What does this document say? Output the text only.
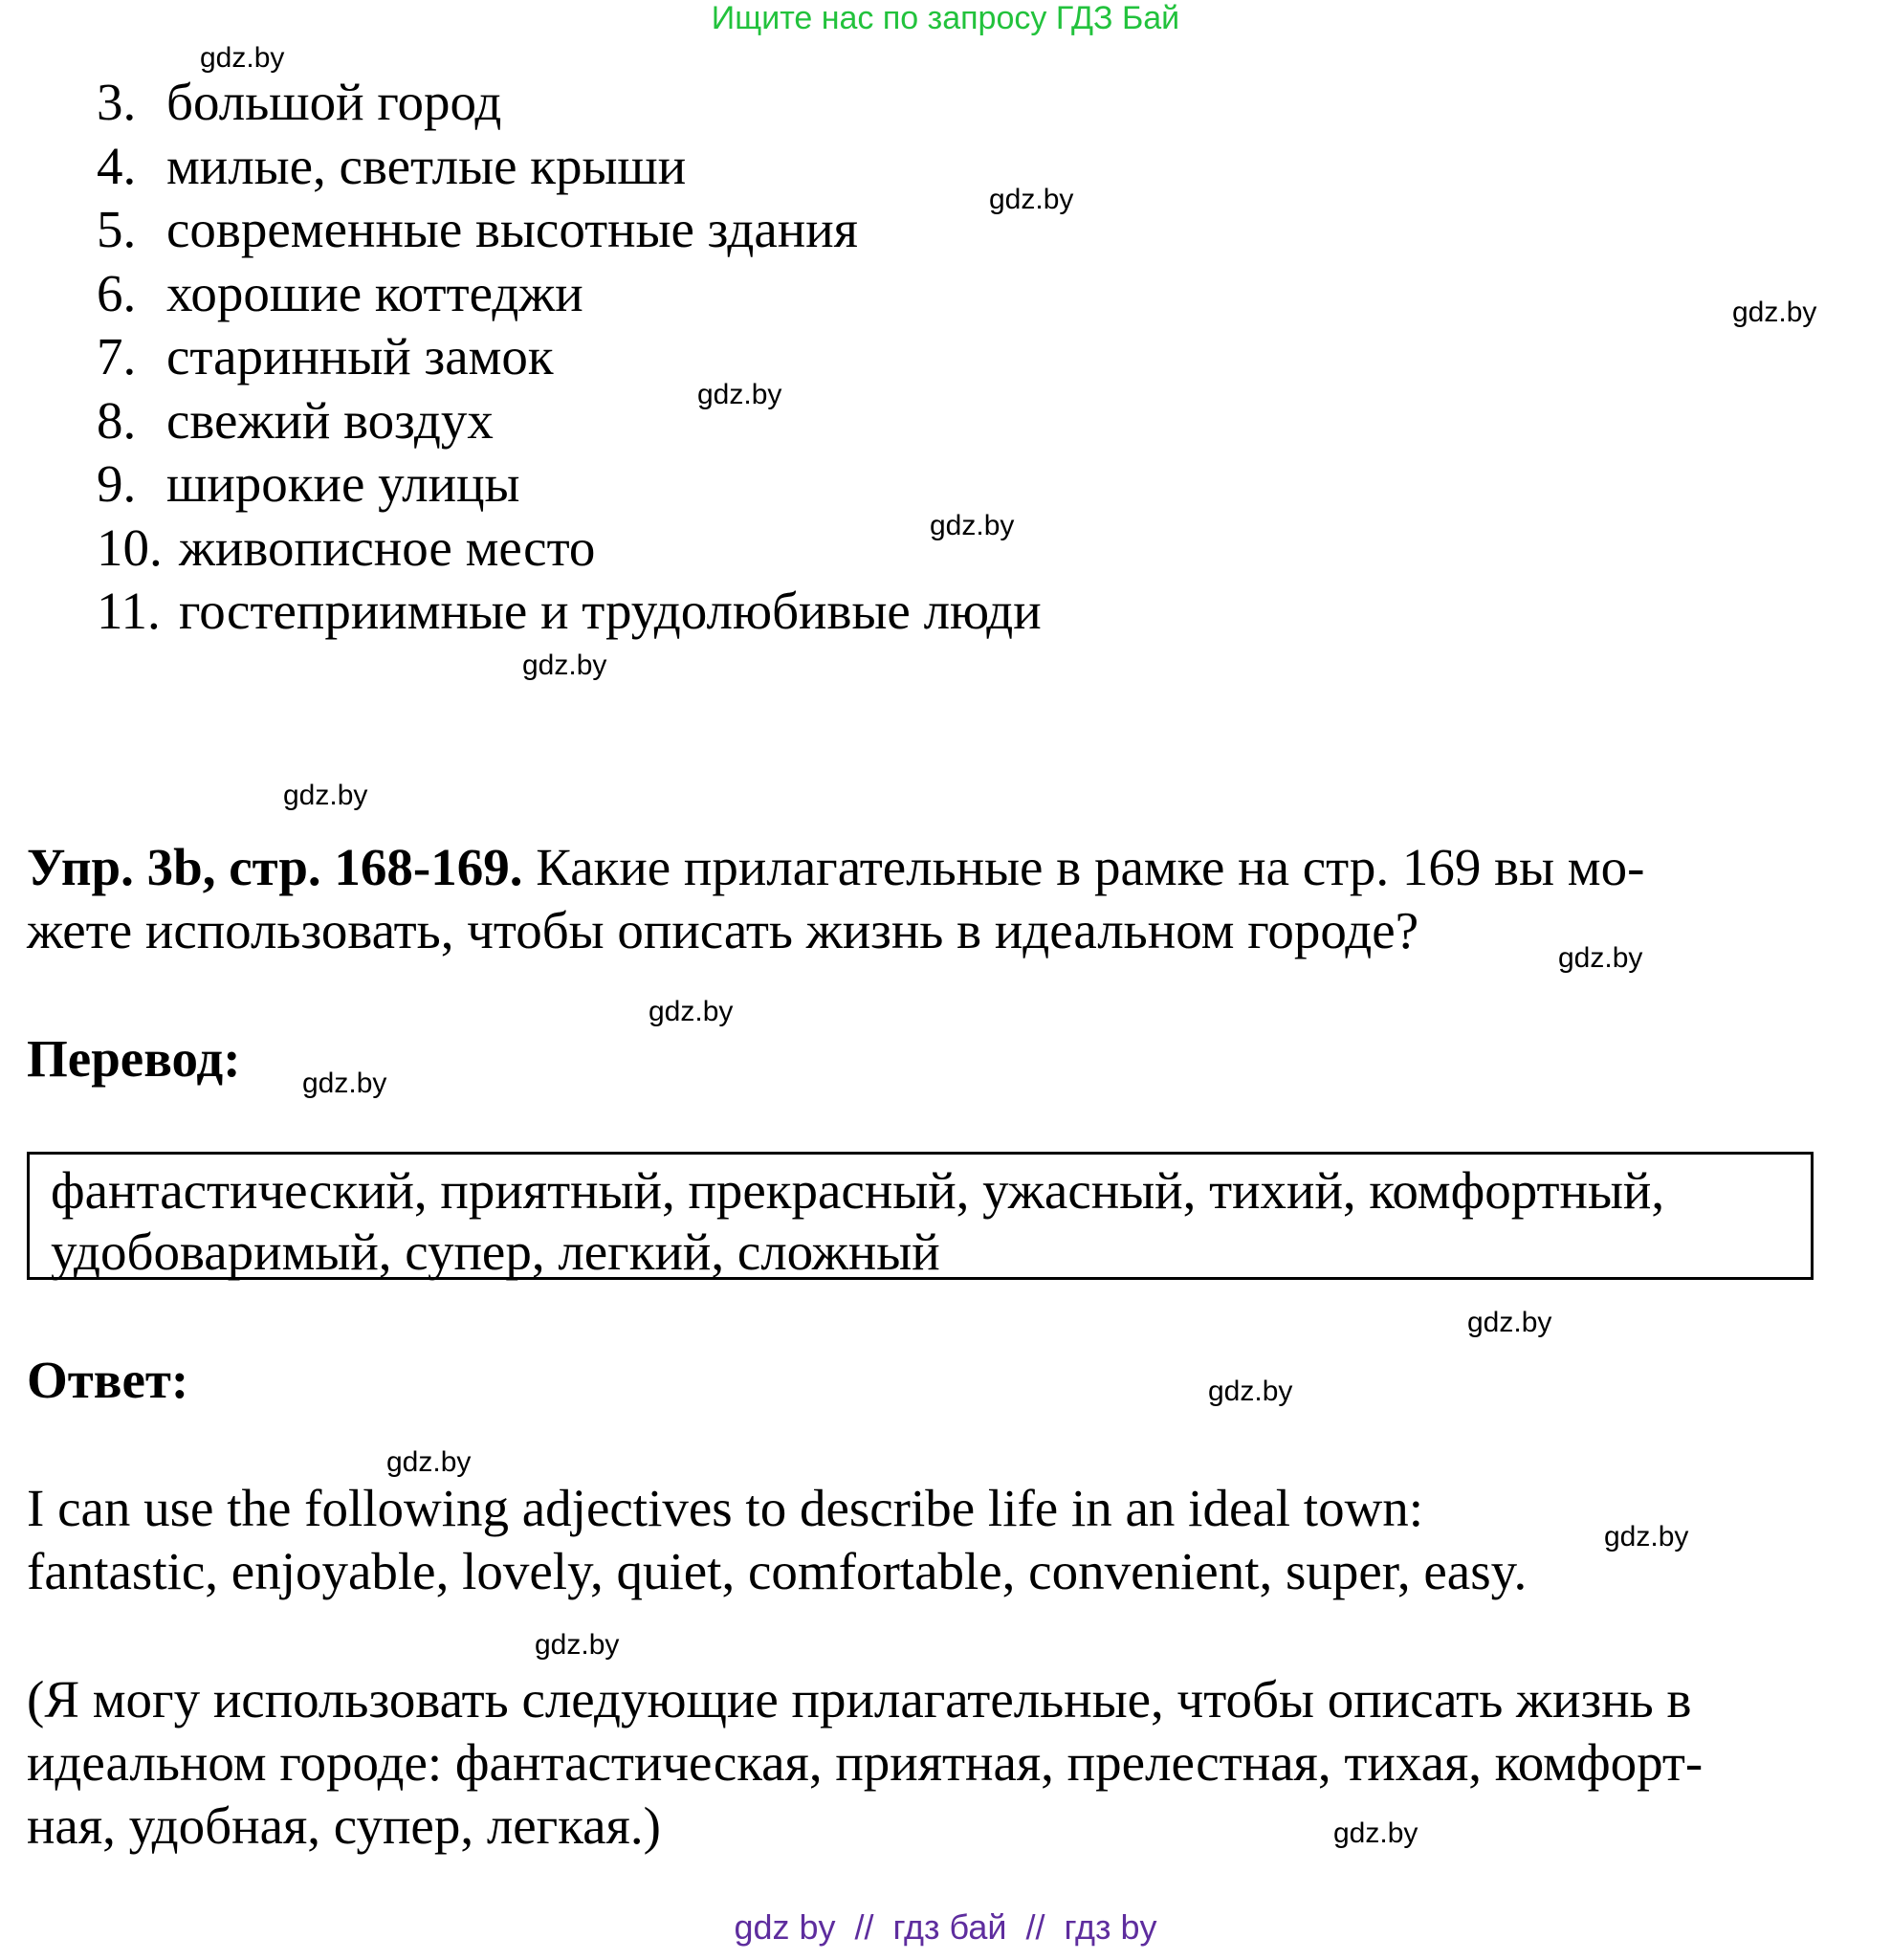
Ищите нас по запросу ГДЗ Бай
gdz.by
gdz.by
gdz.by
gdz.by
gdz.by
gdz.by
gdz.by
gdz.by
gdz.by
gdz.by
gdz.by
gdz.by
gdz.by
gdz.by
gdz.by
gdz.by
3. большой город
4. милые, светлые крыши
5. современные высотные здания
6. хорошие коттеджи
7. старинный замок
8. свежий воздух
9. широкие улицы
10. живописное место
11. гостеприимные и трудолюбивые люди
Упр. 3b, стр. 168-169. Какие прилагательные в рамке на стр. 169 вы мо-
жете использовать, чтобы описать жизнь в идеальном городе?
Перевод:
фантастический, приятный, прекрасный, ужасный, тихий, комфортный,
удобоваримый, супер, легкий, сложный
Ответ:
I can use the following adjectives to describe life in an ideal town:
fantastic, enjoyable, lovely, quiet, comfortable, convenient, super, easy.
(Я могу использовать следующие прилагательные, чтобы описать жизнь в
идеальном городе: фантастическая, приятная, прелестная, тихая, комфорт-
ная, удобная, супер, легкая.)
gdz by  //  гдз бай  //  гдз by
